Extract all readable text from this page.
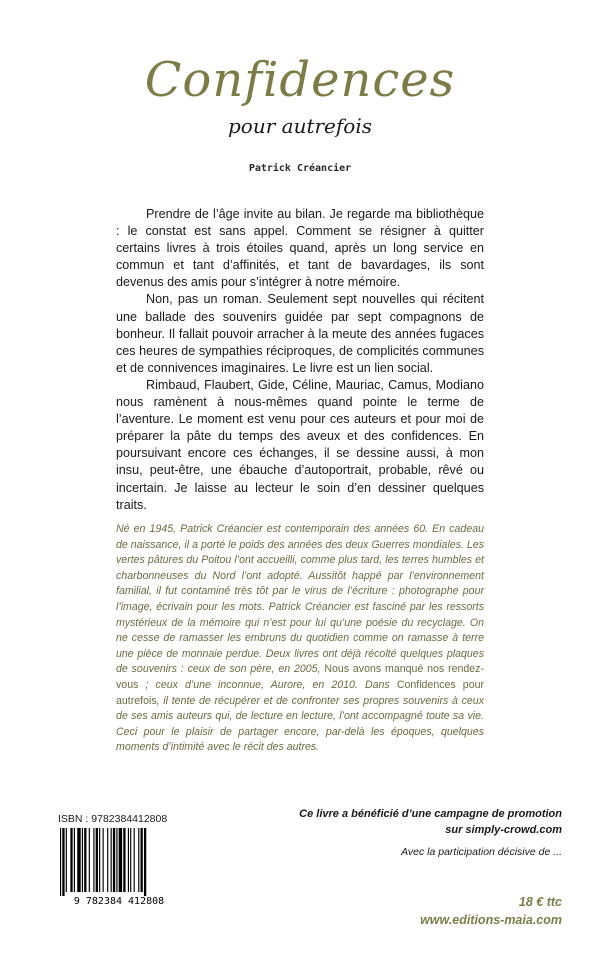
Confidences
pour autrefois
Patrick Créancier

Prendre de l’âge invite au bilan. Je regarde ma bibliothèque : le constat est sans appel. Comment se résigner à quitter certains livres à trois étoiles quand, après un long service en commun et tant d’affinités, et tant de bavardages, ils sont devenus des amis pour s’intégrer à notre mémoire.

Non, pas un roman. Seulement sept nouvelles qui récitent une ballade des souvenirs guidée par sept compagnons de bonheur. Il fallait pouvoir arracher à la meute des années fugaces ces heures de sympathies réciproques, de complicités communes et de connivences imaginaires. Le livre est un lien social.

Rimbaud, Flaubert, Gide, Céline, Mauriac, Camus, Modiano nous ramènent à nous-mêmes quand pointe le terme de l’aventure. Le moment est venu pour ces auteurs et pour moi de préparer la pâte du temps des aveux et des confidences. En poursuivant encore ces échanges, il se dessine aussi, à mon insu, peut-être, une ébauche d’autoportrait, probable, rêvé ou incertain. Je laisse au lecteur le soin d’en dessiner quelques traits.

Né en 1945, Patrick Créancier est contemporain des années 60. En cadeau de naissance, il a porté le poids des années des deux Guerres mondiales. Les vertes pâtures du Poitou l’ont accueilli, comme plus tard, les terres humbles et charbonneuses du Nord l’ont adopté. Aussitôt happé par l’environnement familial, il fut contaminé très tôt par le virus de l’écriture : photographe pour l’image, écrivain pour les mots. Patrick Créancier est fasciné par les ressorts mystérieux de la mémoire qui n’est pour lui qu’une poésie du recyclage. On ne cesse de ramasser les embruns du quotidien comme on ramasse à terre une pièce de monnaie perdue. Deux livres ont déjà récolté quelques plaques de souvenirs : ceux de son père, en 2005, Nous avons manqué nos rendez-vous ; ceux d’une inconnue, Aurore, en 2010. Dans Confidences pour autrefois, il tente de récupérer et de confronter ses propres souvenirs à ceux de ses amis auteurs qui, de lecture en lecture, l’ont accompagné toute sa vie. Ceci pour le plaisir de partager encore, par-delà les époques, quelques moments d’intimité avec le récit des autres.
ISBN : 9782384412808
9 782384 412808
Ce livre a bénéficié d’une campagne de promotion
sur simply-crowd.com
Avec la participation décisive de ...
18 € ttc
www.editions-maia.com
